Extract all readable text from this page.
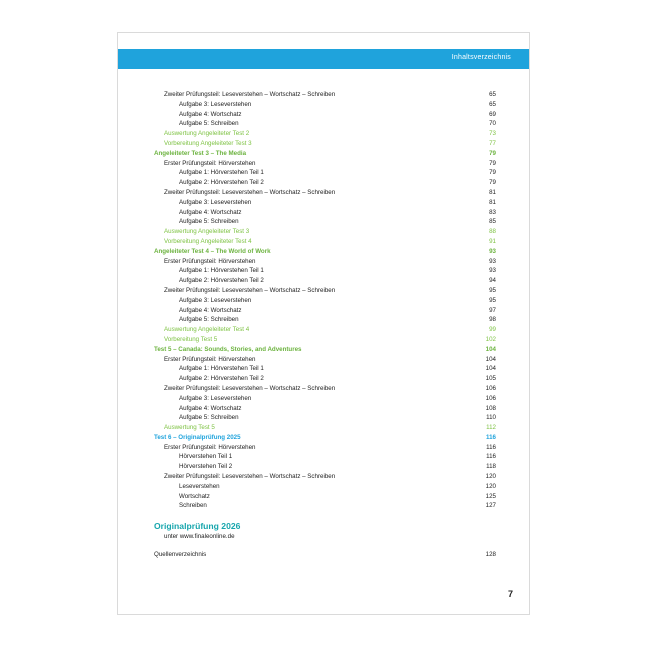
Inhaltsverzeichnis
Zweiter Prüfungsteil: Leseverstehen – Wortschatz – Schreiben	65
Aufgabe 3: Leseverstehen	65
Aufgabe 4: Wortschatz	69
Aufgabe 5: Schreiben	70
Auswertung Angeleiteter Test 2	73
Vorbereitung Angeleiteter Test 3	77
Angeleiteter Test 3 – The Media	79
Erster Prüfungsteil: Hörverstehen	79
Aufgabe 1: Hörverstehen Teil 1	79
Aufgabe 2: Hörverstehen Teil 2	79
Zweiter Prüfungsteil: Leseverstehen – Wortschatz – Schreiben	81
Aufgabe 3: Leseverstehen	81
Aufgabe 4: Wortschatz	83
Aufgabe 5: Schreiben	85
Auswertung Angeleiteter Test 3	88
Vorbereitung Angeleiteter Test 4	91
Angeleiteter Test 4 – The World of Work	93
Erster Prüfungsteil: Hörverstehen	93
Aufgabe 1: Hörverstehen Teil 1	93
Aufgabe 2: Hörverstehen Teil 2	94
Zweiter Prüfungsteil: Leseverstehen – Wortschatz – Schreiben	95
Aufgabe 3: Leseverstehen	95
Aufgabe 4: Wortschatz	97
Aufgabe 5: Schreiben	98
Auswertung Angeleiteter Test 4	99
Vorbereitung Test 5	102
Test 5 – Canada: Sounds, Stories, and Adventures	104
Erster Prüfungsteil: Hörverstehen	104
Aufgabe 1: Hörverstehen Teil 1	104
Aufgabe 2: Hörverstehen Teil 2	105
Zweiter Prüfungsteil: Leseverstehen – Wortschatz – Schreiben	106
Aufgabe 3: Leseverstehen	106
Aufgabe 4: Wortschatz	108
Aufgabe 5: Schreiben	110
Auswertung Test 5	112
Test 6 – Originalprüfung 2025	116
Erster Prüfungsteil: Hörverstehen	116
Hörverstehen Teil 1	116
Hörverstehen Teil 2	118
Zweiter Prüfungsteil: Leseverstehen – Wortschatz – Schreiben	120
Leseverstehen	120
Wortschatz	125
Schreiben	127
Originalprüfung 2026
unter www.finaleonline.de
Quellenverzeichnis	128
7
